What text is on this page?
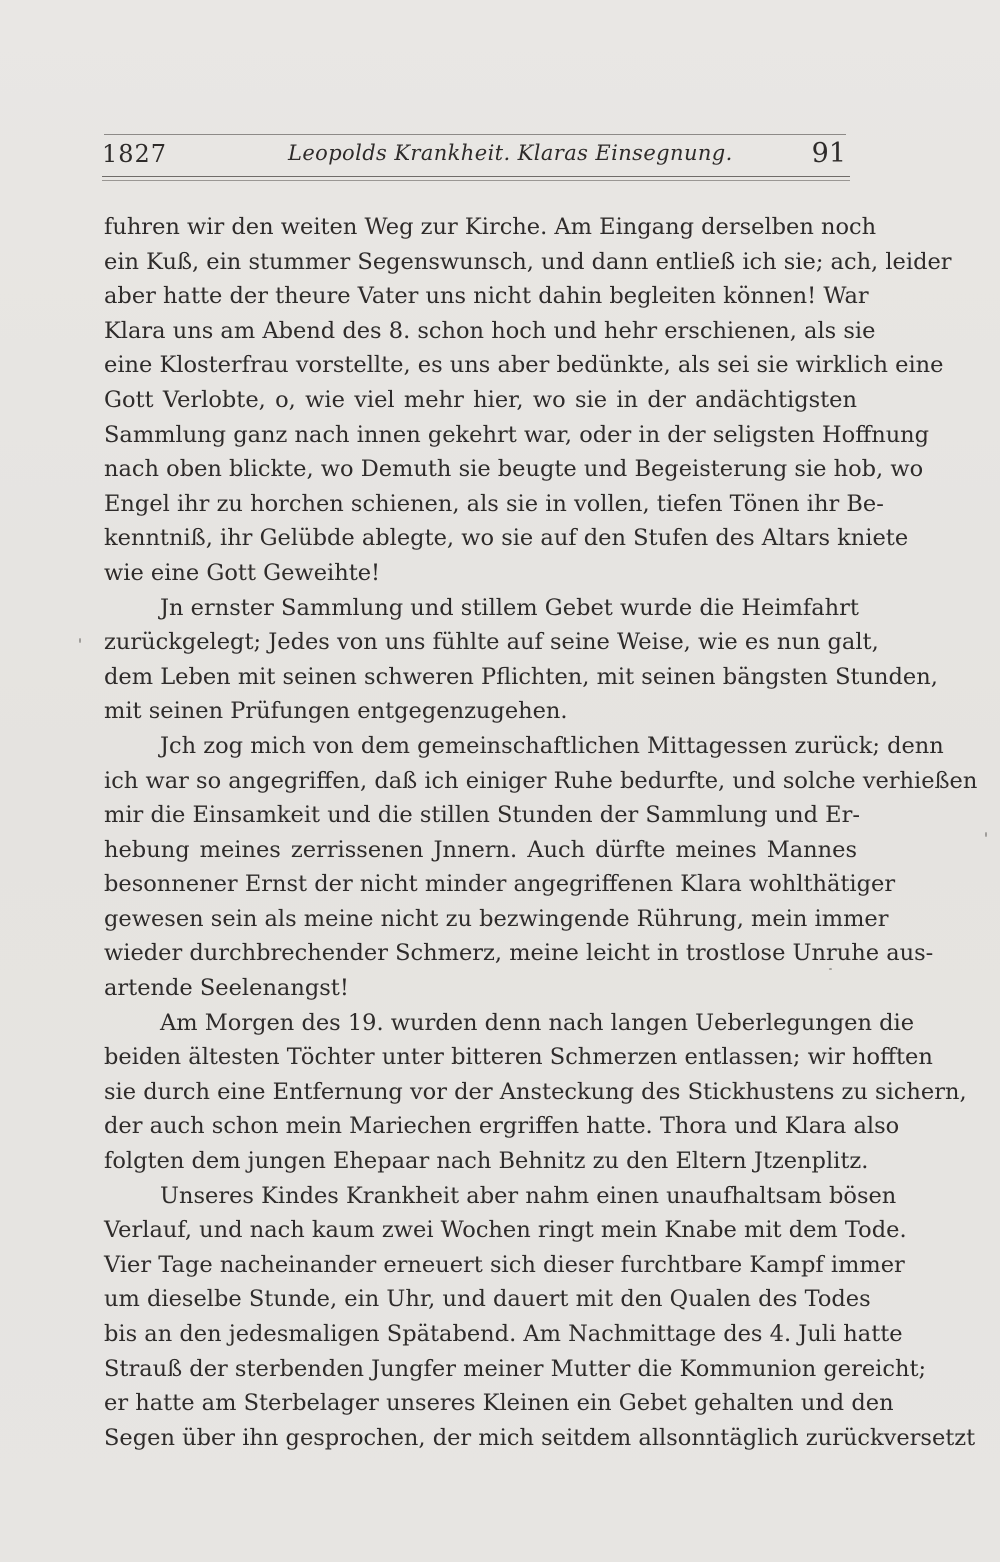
1827	Leopolds Krankheit. Klaras Einsegnung.	91
fuhren wir den weiten Weg zur Kirche. Am Eingang derselben noch
ein Kuß, ein stummer Segenswunsch, und dann entließ ich sie; ach, leider
aber hatte der theure Vater uns nicht dahin begleiten können! War
Klara uns am Abend des 8. schon hoch und hehr erschienen, als sie
eine Klosterfrau vorstellte, es uns aber bedünkte, als sei sie wirklich eine
Gott Verlobte, o, wie viel mehr hier, wo sie in der andächtigsten
Sammlung ganz nach innen gekehrt war, oder in der seligsten Hoffnung
nach oben blickte, wo Demuth sie beugte und Begeisterung sie hob, wo
Engel ihr zu horchen schienen, als sie in vollen, tiefen Tönen ihr Be-
kenntniß, ihr Gelübde ablegte, wo sie auf den Stufen des Altars kniete
wie eine Gott Geweihte!
Jn ernster Sammlung und stillem Gebet wurde die Heimfahrt
zurückgelegt; Jedes von uns fühlte auf seine Weise, wie es nun galt,
dem Leben mit seinen schweren Pflichten, mit seinen bängsten Stunden,
mit seinen Prüfungen entgegenzugehen.
Jch zog mich von dem gemeinschaftlichen Mittagessen zurück; denn
ich war so angegriffen, daß ich einiger Ruhe bedurfte, und solche verhießen
mir die Einsamkeit und die stillen Stunden der Sammlung und Er-
hebung meines zerrissenen Jnnern. Auch dürfte meines Mannes
besonnener Ernst der nicht minder angegriffenen Klara wohlthätiger
gewesen sein als meine nicht zu bezwingende Rührung, mein immer
wieder durchbrechender Schmerz, meine leicht in trostlose Unruhe aus-
artende Seelenangst!
Am Morgen des 19. wurden denn nach langen Ueberlegungen die
beiden ältesten Töchter unter bitteren Schmerzen entlassen; wir hofften
sie durch eine Entfernung vor der Ansteckung des Stickhustens zu sichern,
der auch schon mein Mariechen ergriffen hatte. Thora und Klara also
folgten dem jungen Ehepaar nach Behnitz zu den Eltern Jtzenplitz.
Unseres Kindes Krankheit aber nahm einen unaufhaltsam bösen
Verlauf, und nach kaum zwei Wochen ringt mein Knabe mit dem Tode.
Vier Tage nacheinander erneuert sich dieser furchtbare Kampf immer
um dieselbe Stunde, ein Uhr, und dauert mit den Qualen des Todes
bis an den jedesmaligen Spätabend. Am Nachmittage des 4. Juli hatte
Strauß der sterbenden Jungfer meiner Mutter die Kommunion gereicht;
er hatte am Sterbelager unseres Kleinen ein Gebet gehalten und den
Segen über ihn gesprochen, der mich seitdem allsonntäglich zurückversetzt
